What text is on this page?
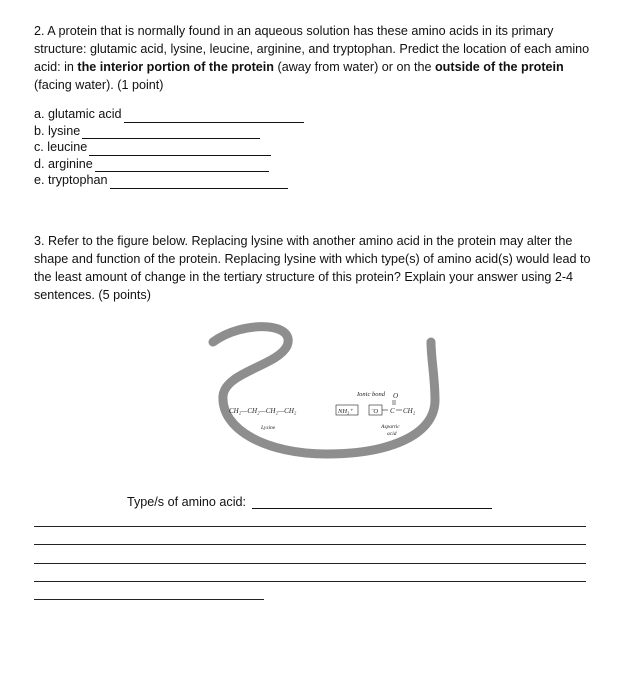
2. A protein that is normally found in an aqueous solution has these amino acids in its primary structure: glutamic acid, lysine, leucine, arginine, and tryptophan. Predict the location of each amino acid: in the interior portion of the protein (away from water) or on the outside of the protein (facing water). (1 point)

a. glutamic acid
b. lysine
c. leucine
d. arginine
e. tryptophan

3. Refer to the figure below. Replacing lysine with another amino acid in the protein may alter the shape and function of the protein. Replacing lysine with which type(s) of amino acid(s) would lead to the least amount of change in the tertiary structure of this protein? Explain your answer using 2-4 sentences. (5 points)

Ionic bond O
CH₂—CH₂—CH₂—CH₂	NH₃⁺	⁻O C CH₂
Lysine	Aspartic
acid
Type/s of amino acid:
